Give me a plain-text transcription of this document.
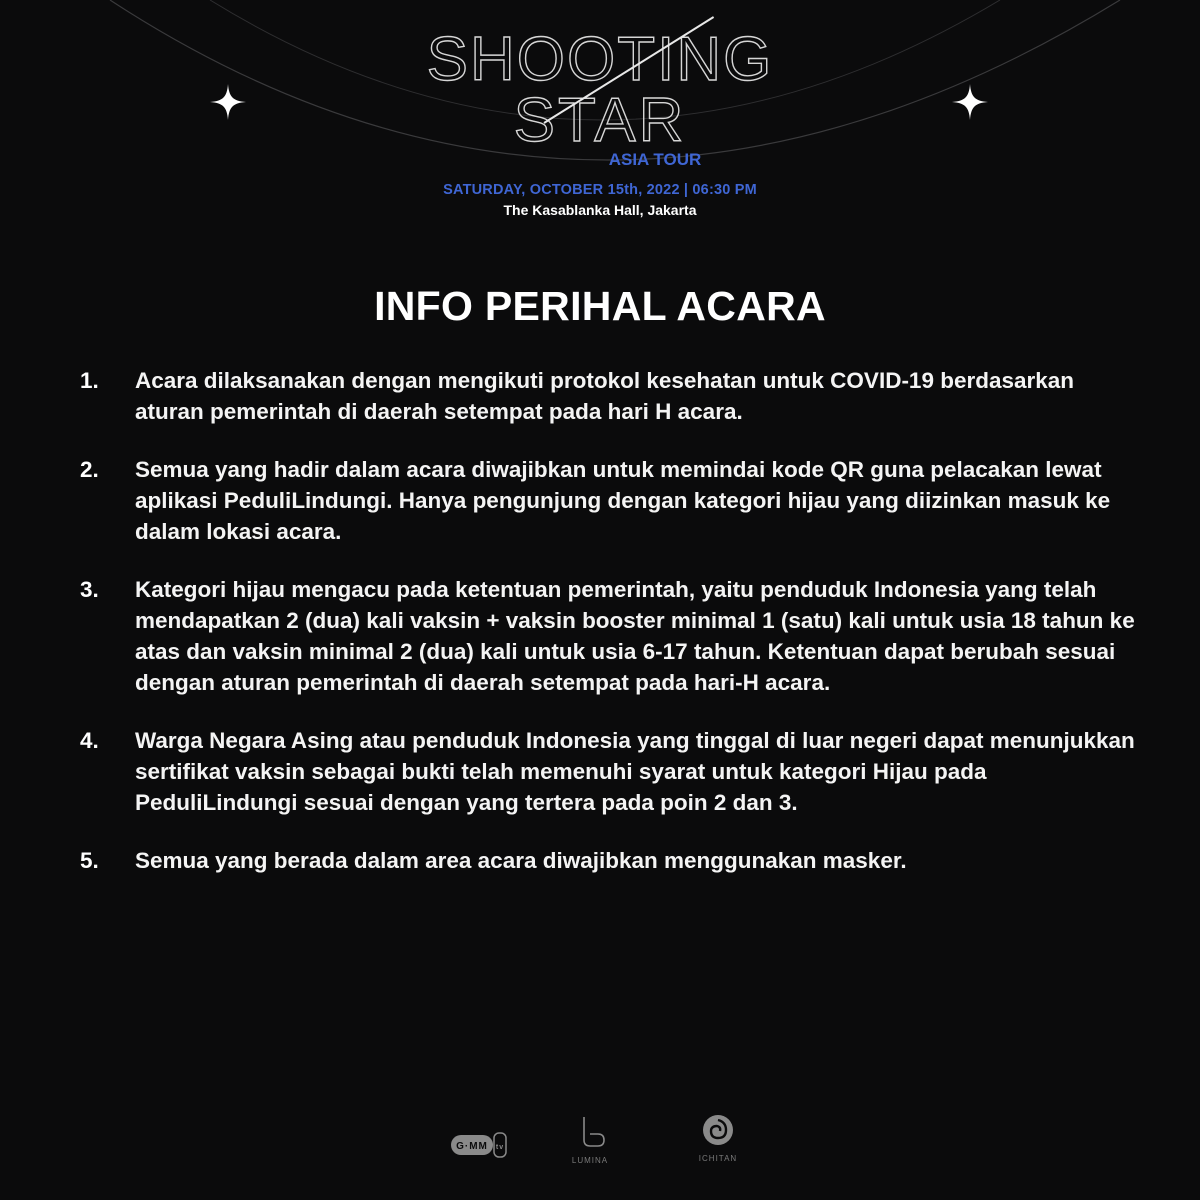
SHOOTING
STAR
ASIA TOUR
SATURDAY, OCTOBER 15th, 2022 | 06:30 PM
The Kasablanka Hall, Jakarta
INFO PERIHAL ACARA
1.	Acara dilaksanakan dengan mengikuti protokol kesehatan untuk COVID-19 berdasarkan aturan pemerintah di daerah setempat pada hari H acara.
2.	Semua yang hadir dalam acara diwajibkan untuk memindai kode QR guna pelacakan lewat aplikasi PeduliLindungi. Hanya pengunjung dengan kategori hijau yang diizinkan masuk ke dalam lokasi acara.
3.	Kategori hijau mengacu pada ketentuan pemerintah, yaitu penduduk Indonesia yang telah mendapatkan 2 (dua) kali vaksin + vaksin booster minimal 1 (satu) kali untuk usia 18 tahun ke atas dan vaksin minimal 2 (dua) kali untuk usia 6-17 tahun. Ketentuan dapat berubah sesuai dengan aturan pemerintah di daerah setempat pada hari-H acara.
4.	Warga Negara Asing atau penduduk Indonesia yang tinggal di luar negeri dapat menunjukkan sertifikat vaksin sebagai bukti telah memenuhi syarat untuk kategori Hijau pada PeduliLindungi sesuai dengan yang tertera pada poin 2 dan 3.
5.	Semua yang berada dalam area acara diwajibkan menggunakan masker.
G·MM tv
LUMINA	ICHITAN
